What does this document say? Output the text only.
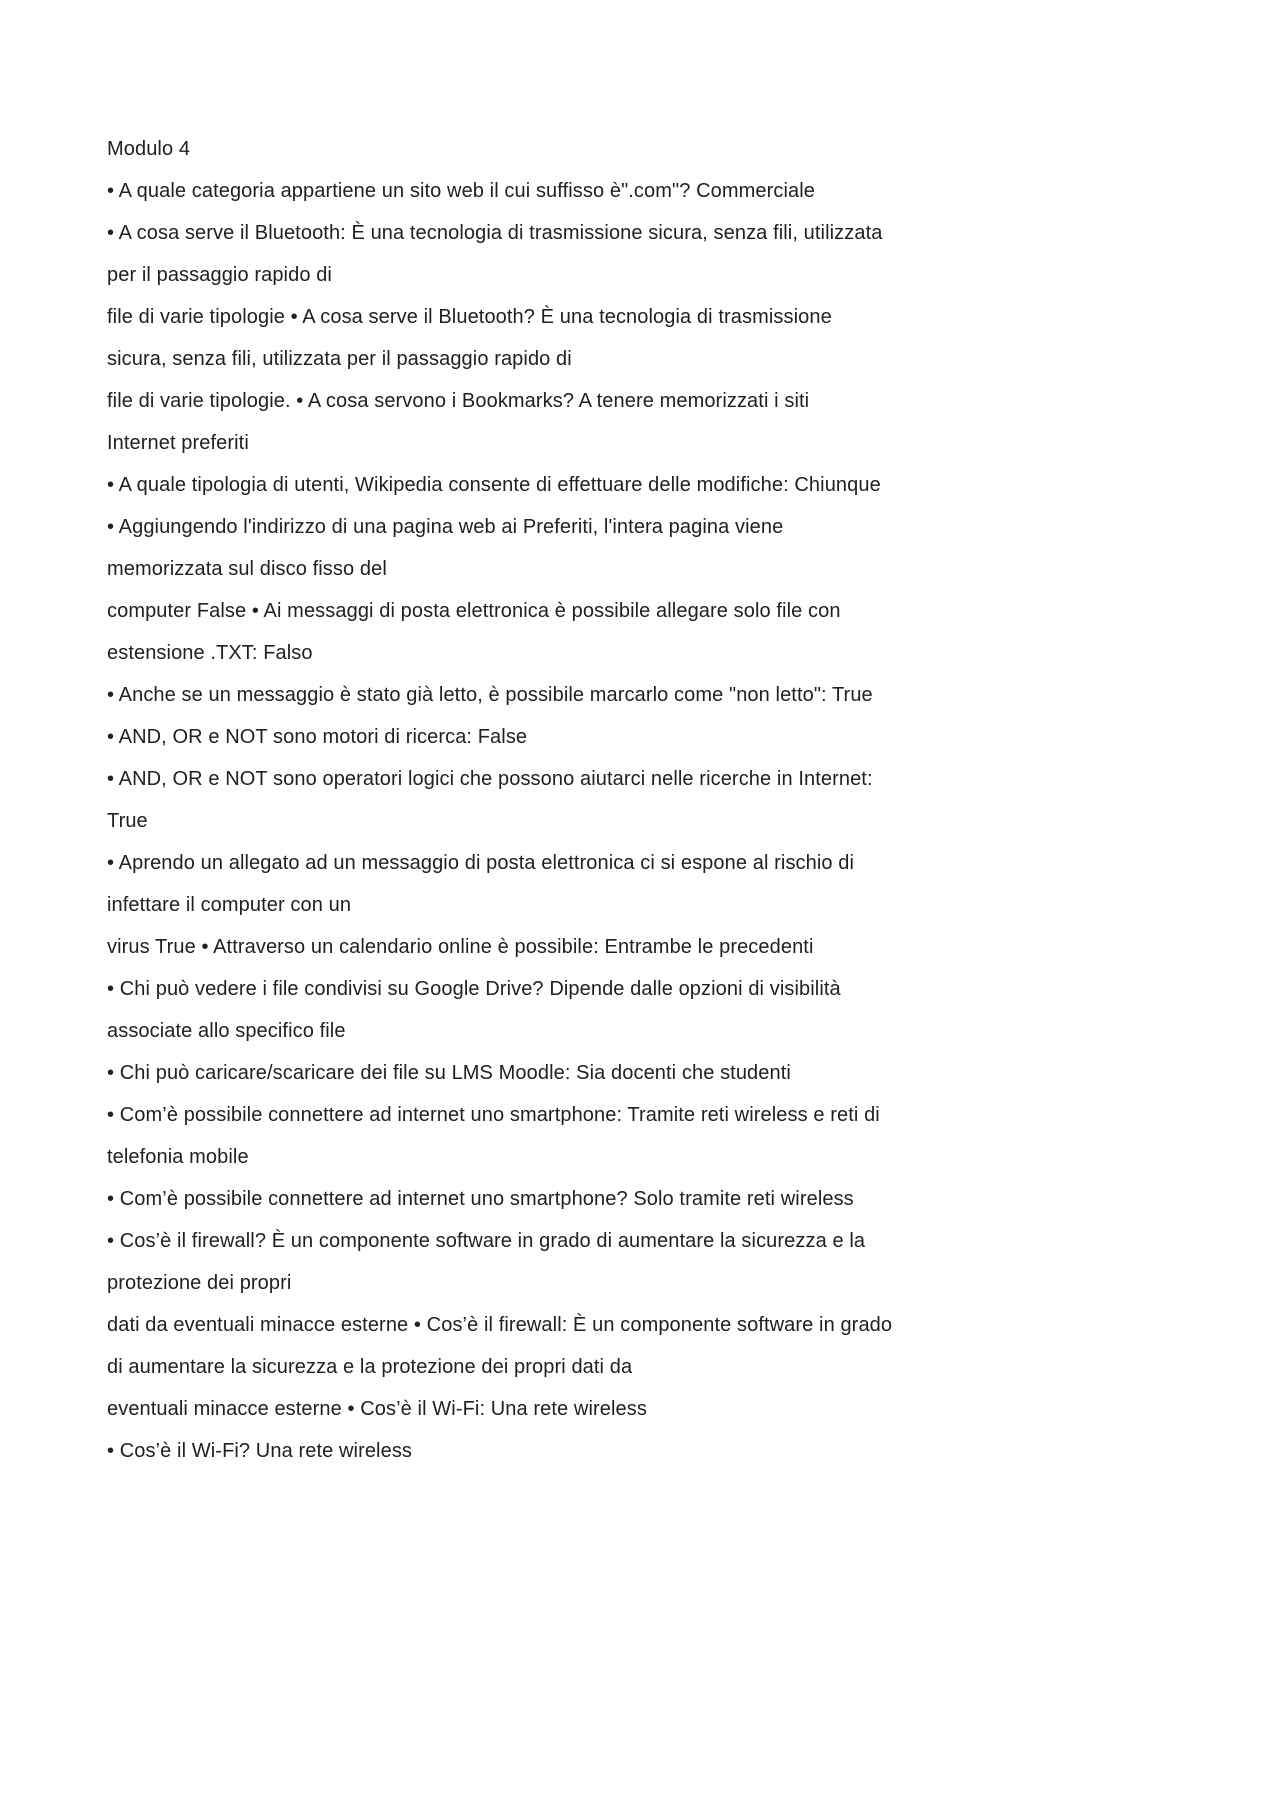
Modulo 4
• A quale categoria appartiene un sito web il cui suffisso è".com"? Commerciale
• A cosa serve il Bluetooth: È una tecnologia di trasmissione sicura, senza fili, utilizzata
per il passaggio rapido di
file di varie tipologie • A cosa serve il Bluetooth? È una tecnologia di trasmissione
sicura, senza fili, utilizzata per il passaggio rapido di
file di varie tipologie. • A cosa servono i Bookmarks? A tenere memorizzati i siti
Internet preferiti
• A quale tipologia di utenti, Wikipedia consente di effettuare delle modifiche: Chiunque
• Aggiungendo l'indirizzo di una pagina web ai Preferiti, l'intera pagina viene
memorizzata sul disco fisso del
computer False • Ai messaggi di posta elettronica è possibile allegare solo file con
estensione .TXT: Falso
• Anche se un messaggio è stato già letto, è possibile marcarlo come "non letto": True
• AND, OR e NOT sono motori di ricerca: False
• AND, OR e NOT sono operatori logici che possono aiutarci nelle ricerche in Internet:
True
• Aprendo un allegato ad un messaggio di posta elettronica ci si espone al rischio di
infettare il computer con un
virus True • Attraverso un calendario online è possibile: Entrambe le precedenti
• Chi può vedere i file condivisi su Google Drive? Dipende dalle opzioni di visibilità
associate allo specifico file
• Chi può caricare/scaricare dei file su LMS Moodle: Sia docenti che studenti
• Com’è possibile connettere ad internet uno smartphone: Tramite reti wireless e reti di
telefonia mobile
• Com’è possibile connettere ad internet uno smartphone? Solo tramite reti wireless
• Cos’è il firewall? È un componente software in grado di aumentare la sicurezza e la
protezione dei propri
dati da eventuali minacce esterne • Cos’è il firewall: È un componente software in grado
di aumentare la sicurezza e la protezione dei propri dati da
eventuali minacce esterne • Cos’è il Wi-Fi: Una rete wireless
• Cos’è il Wi-Fi? Una rete wireless
